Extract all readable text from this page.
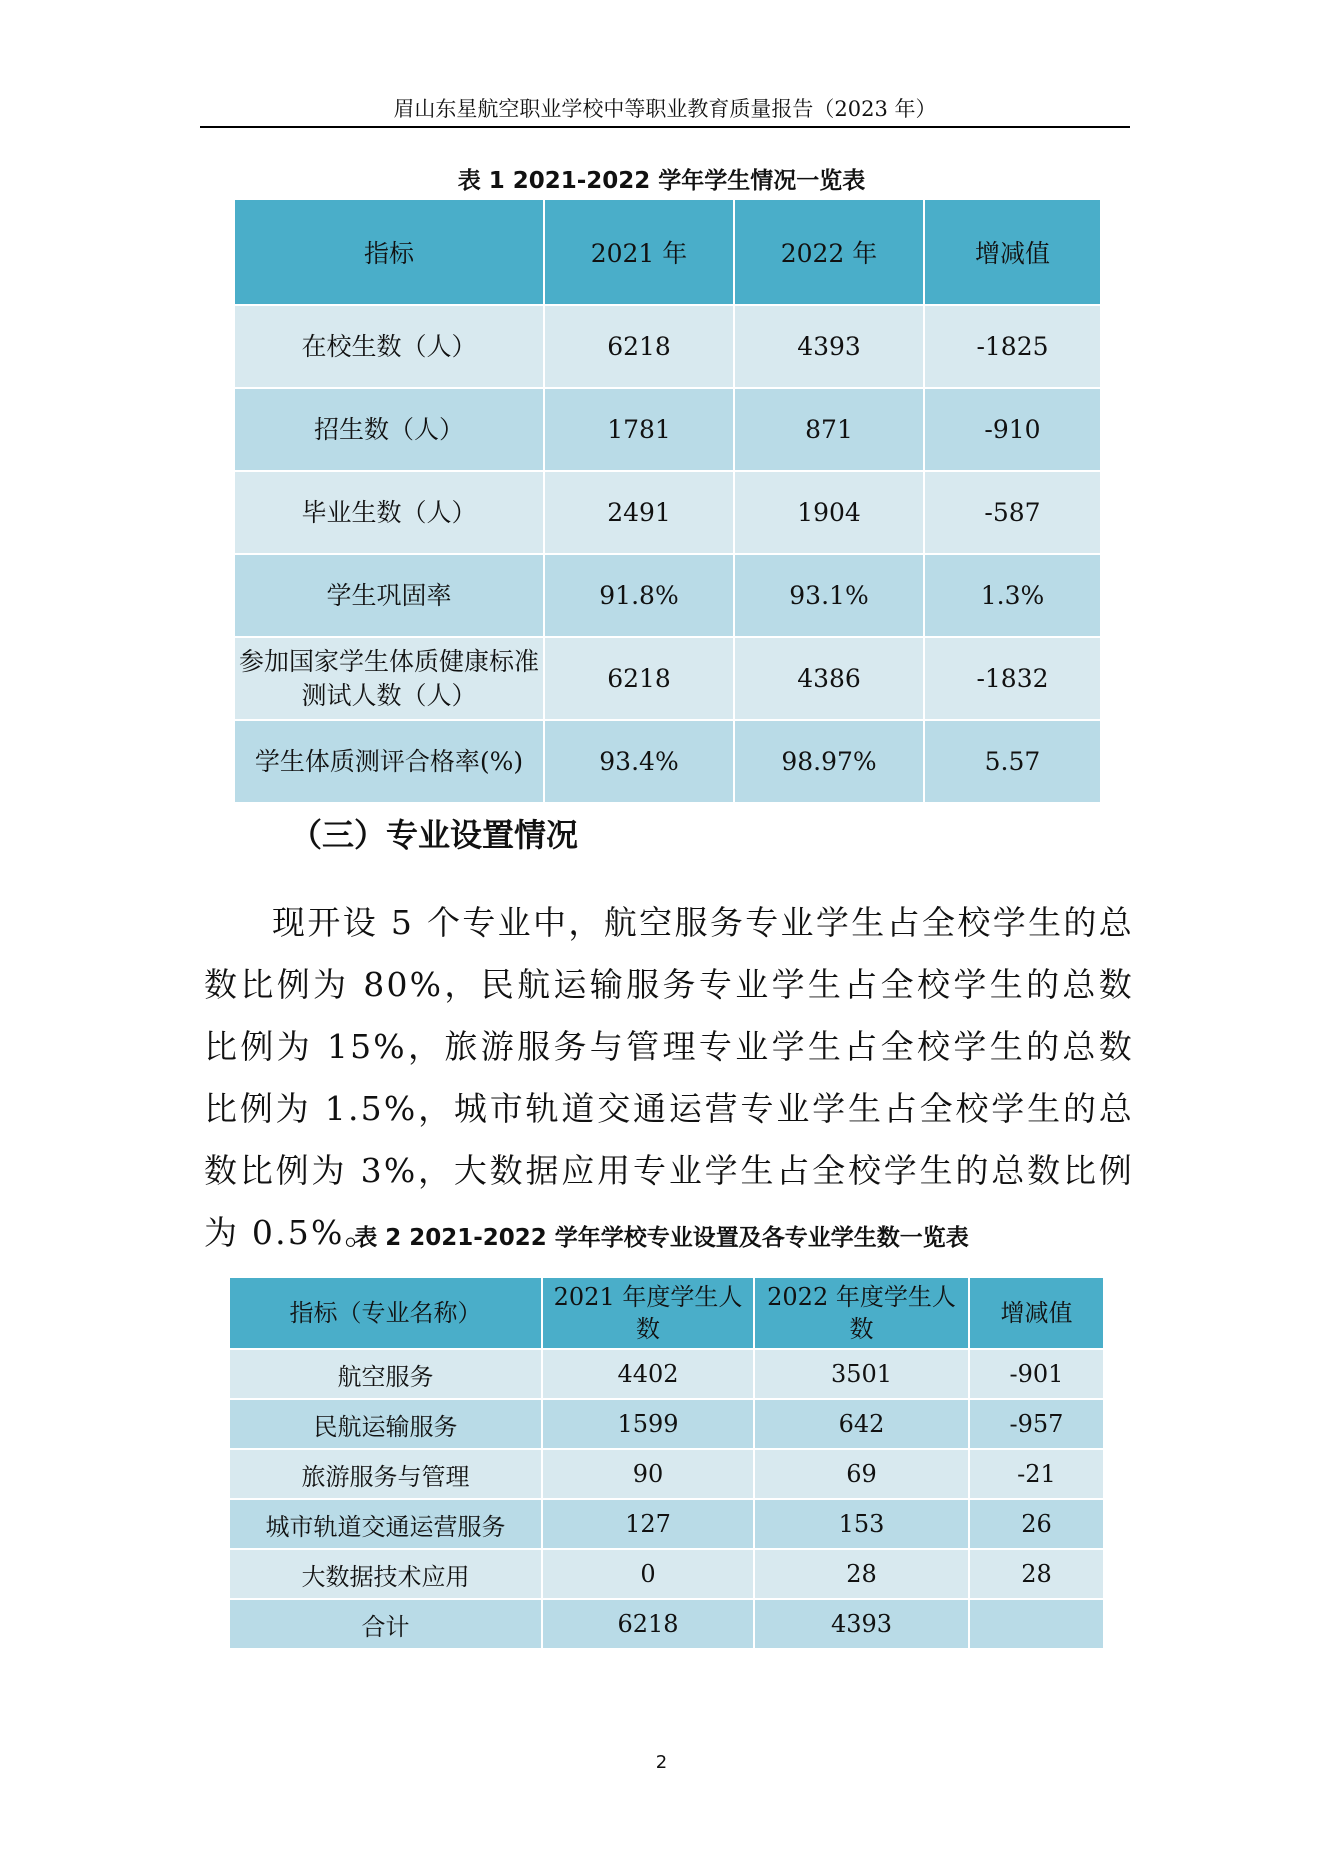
眉山东星航空职业学校中等职业教育质量报告（2023 年）
表 1 2021-2022 学年学生情况一览表
指标	2021 年	2022 年	增减值
在校生数（人）	6218	4393	-1825
招生数（人）	1781	871	-910
毕业生数（人）	2491	1904	-587
学生巩固率	91.8%	93.1%	1.3%
参加国家学生体质健康标准测试人数（人）	6218	4386	-1832
学生体质测评合格率(%)	93.4%	98.97%	5.57
（三）专业设置情况

现开设 5 个专业中，航空服务专业学生占全校学生的总数比例为 80%，民航运输服务专业学生占全校学生的总数比例为 15%，旅游服务与管理专业学生占全校学生的总数比例为 1.5%，城市轨道交通运营专业学生占全校学生的总数比例为 3%，大数据应用专业学生占全校学生的总数比例为 0.5%。

表 2 2021-2022 学年学校专业设置及各专业学生数一览表
指标（专业名称）	2021 年度学生人数	2022 年度学生人数	增减值
航空服务	4402	3501	-901
民航运输服务	1599	642	-957
旅游服务与管理	90	69	-21
城市轨道交通运营服务	127	153	26
大数据技术应用	0	28	28
合计	6218	4393	
2
